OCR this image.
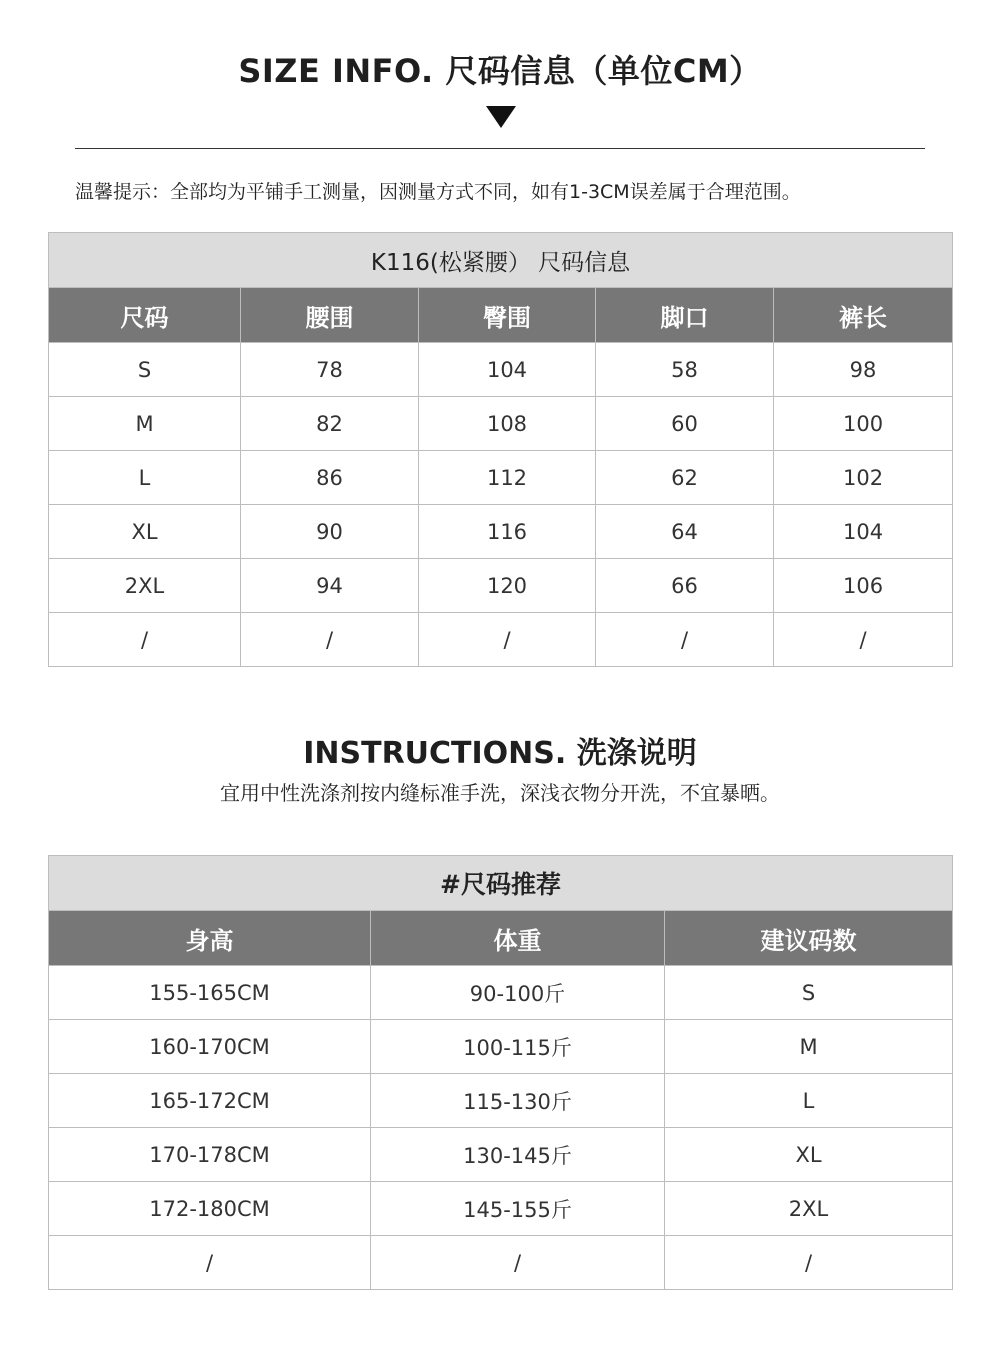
SIZE INFO. 尺码信息（单位CM）
温馨提示：全部均为平铺手工测量，因测量方式不同，如有1-3CM误差属于合理范围。
K116(松紧腰） 尺码信息				
尺码	腰围	臀围	脚口	裤长
S	78	104	58	98
M	82	108	60	100
L	86	112	62	102
XL	90	116	64	104
2XL	94	120	66	106
/	/	/	/	/
INSTRUCTIONS. 洗涤说明
宜用中性洗涤剂按内缝标准手洗，深浅衣物分开洗，不宜暴晒。
#尺码推荐		
身高	体重	建议码数
155-165CM	90-100斤	S
160-170CM	100-115斤	M
165-172CM	115-130斤	L
170-178CM	130-145斤	XL
172-180CM	145-155斤	2XL
/	/	/
